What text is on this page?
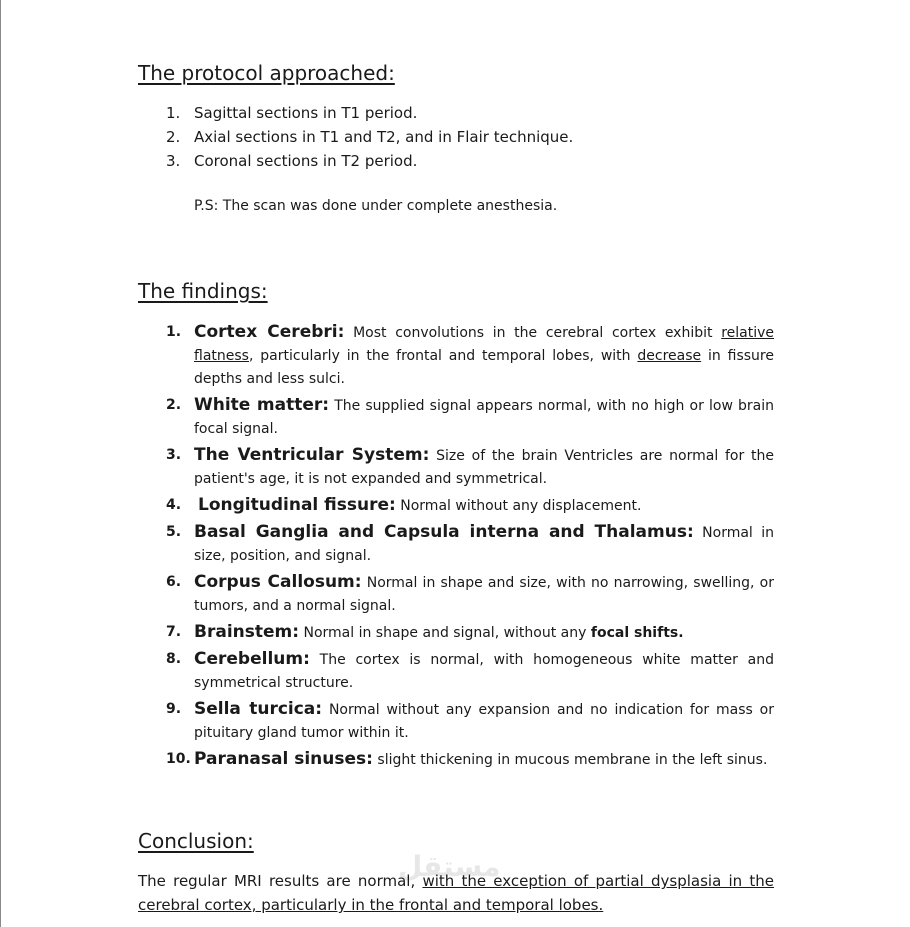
The protocol approached:
1. Sagittal sections in T1 period.
2. Axial sections in T1 and T2, and in Flair technique.
3. Coronal sections in T2 period.
P.S: The scan was done under complete anesthesia.
The findings:
1. Cortex Cerebri: Most convolutions in the cerebral cortex exhibit relative flatness, particularly in the frontal and temporal lobes, with decrease in fissure depths and less sulci.
2. White matter: The supplied signal appears normal, with no high or low brain focal signal.
3. The Ventricular System: Size of the brain Ventricles are normal for the patient's age, it is not expanded and symmetrical.
4. Longitudinal fissure: Normal without any displacement.
5. Basal Ganglia and Capsula interna and Thalamus: Normal in size, position, and signal.
6. Corpus Callosum: Normal in shape and size, with no narrowing, swelling, or tumors, and a normal signal.
7. Brainstem: Normal in shape and signal, without any focal shifts.
8. Cerebellum: The cortex is normal, with homogeneous white matter and symmetrical structure.
9. Sella turcica: Normal without any expansion and no indication for mass or pituitary gland tumor within it.
10. Paranasal sinuses: slight thickening in mucous membrane in the left sinus.
Conclusion:
مستقل
The regular MRI results are normal, with the exception of partial dysplasia in the cerebral cortex, particularly in the frontal and temporal lobes.
